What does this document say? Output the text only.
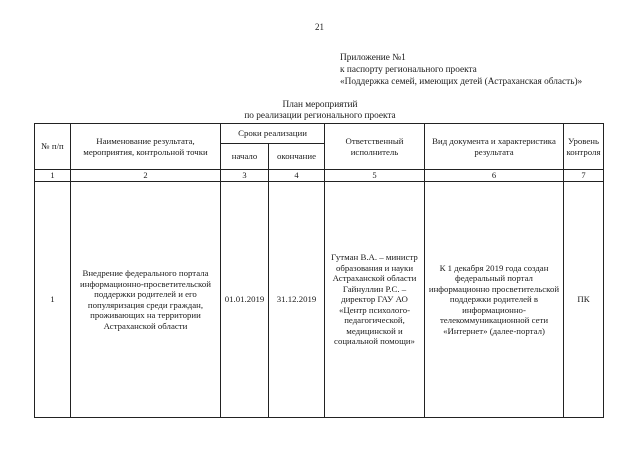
21
Приложение №1
к паспорту регионального проекта
«Поддержка семей, имеющих детей (Астраханская область)»
План мероприятий
по реализации регионального проекта
№ п/п	Наименование результата, мероприятия, контрольной точки	Сроки реализации		Ответственный исполнитель	Вид документа и характеристика результата	Уровень контроля
		начало	окончание			
1	2	3	4	5	6	7
1	Внедрение федерального портала информационно-просветительской поддержки родителей и его популяризация среди граждан, проживающих на территории Астраханской области	01.01.2019	31.12.2019	Гутман В.А. – министр образования и науки Астраханской области Гайнуллин Р.С. – директор ГАУ АО «Центр психолого-педагогической, медицинской и социальной помощи»	К 1 декабря 2019 года создан федеральный портал информационно просветительской поддержки родителей в информационно-телекоммуникационной сети «Интернет» (далее-портал)	ПК
